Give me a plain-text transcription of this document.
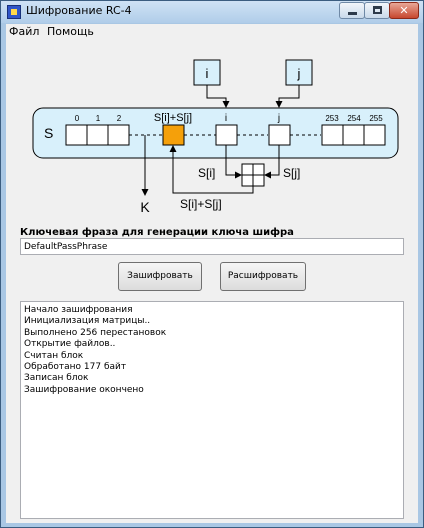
Шифрование RC-4	✕
Файл Помощь
i	j
S
0 1 2	S[i]+S[j]	i	j	253 254 255
S[i]	S[j]
S[i]+S[j]
K
Ключевая фраза для генерации ключа шифра
DefaultPassPhrase
Зашифровать	Расшифровать
Начало зашифрования
Инициализация матрицы..
Выполнено 256 перестановок
Открытие файлов..
Считан блок
Обработано 177 байт
Записан блок
Зашифрование окончено
